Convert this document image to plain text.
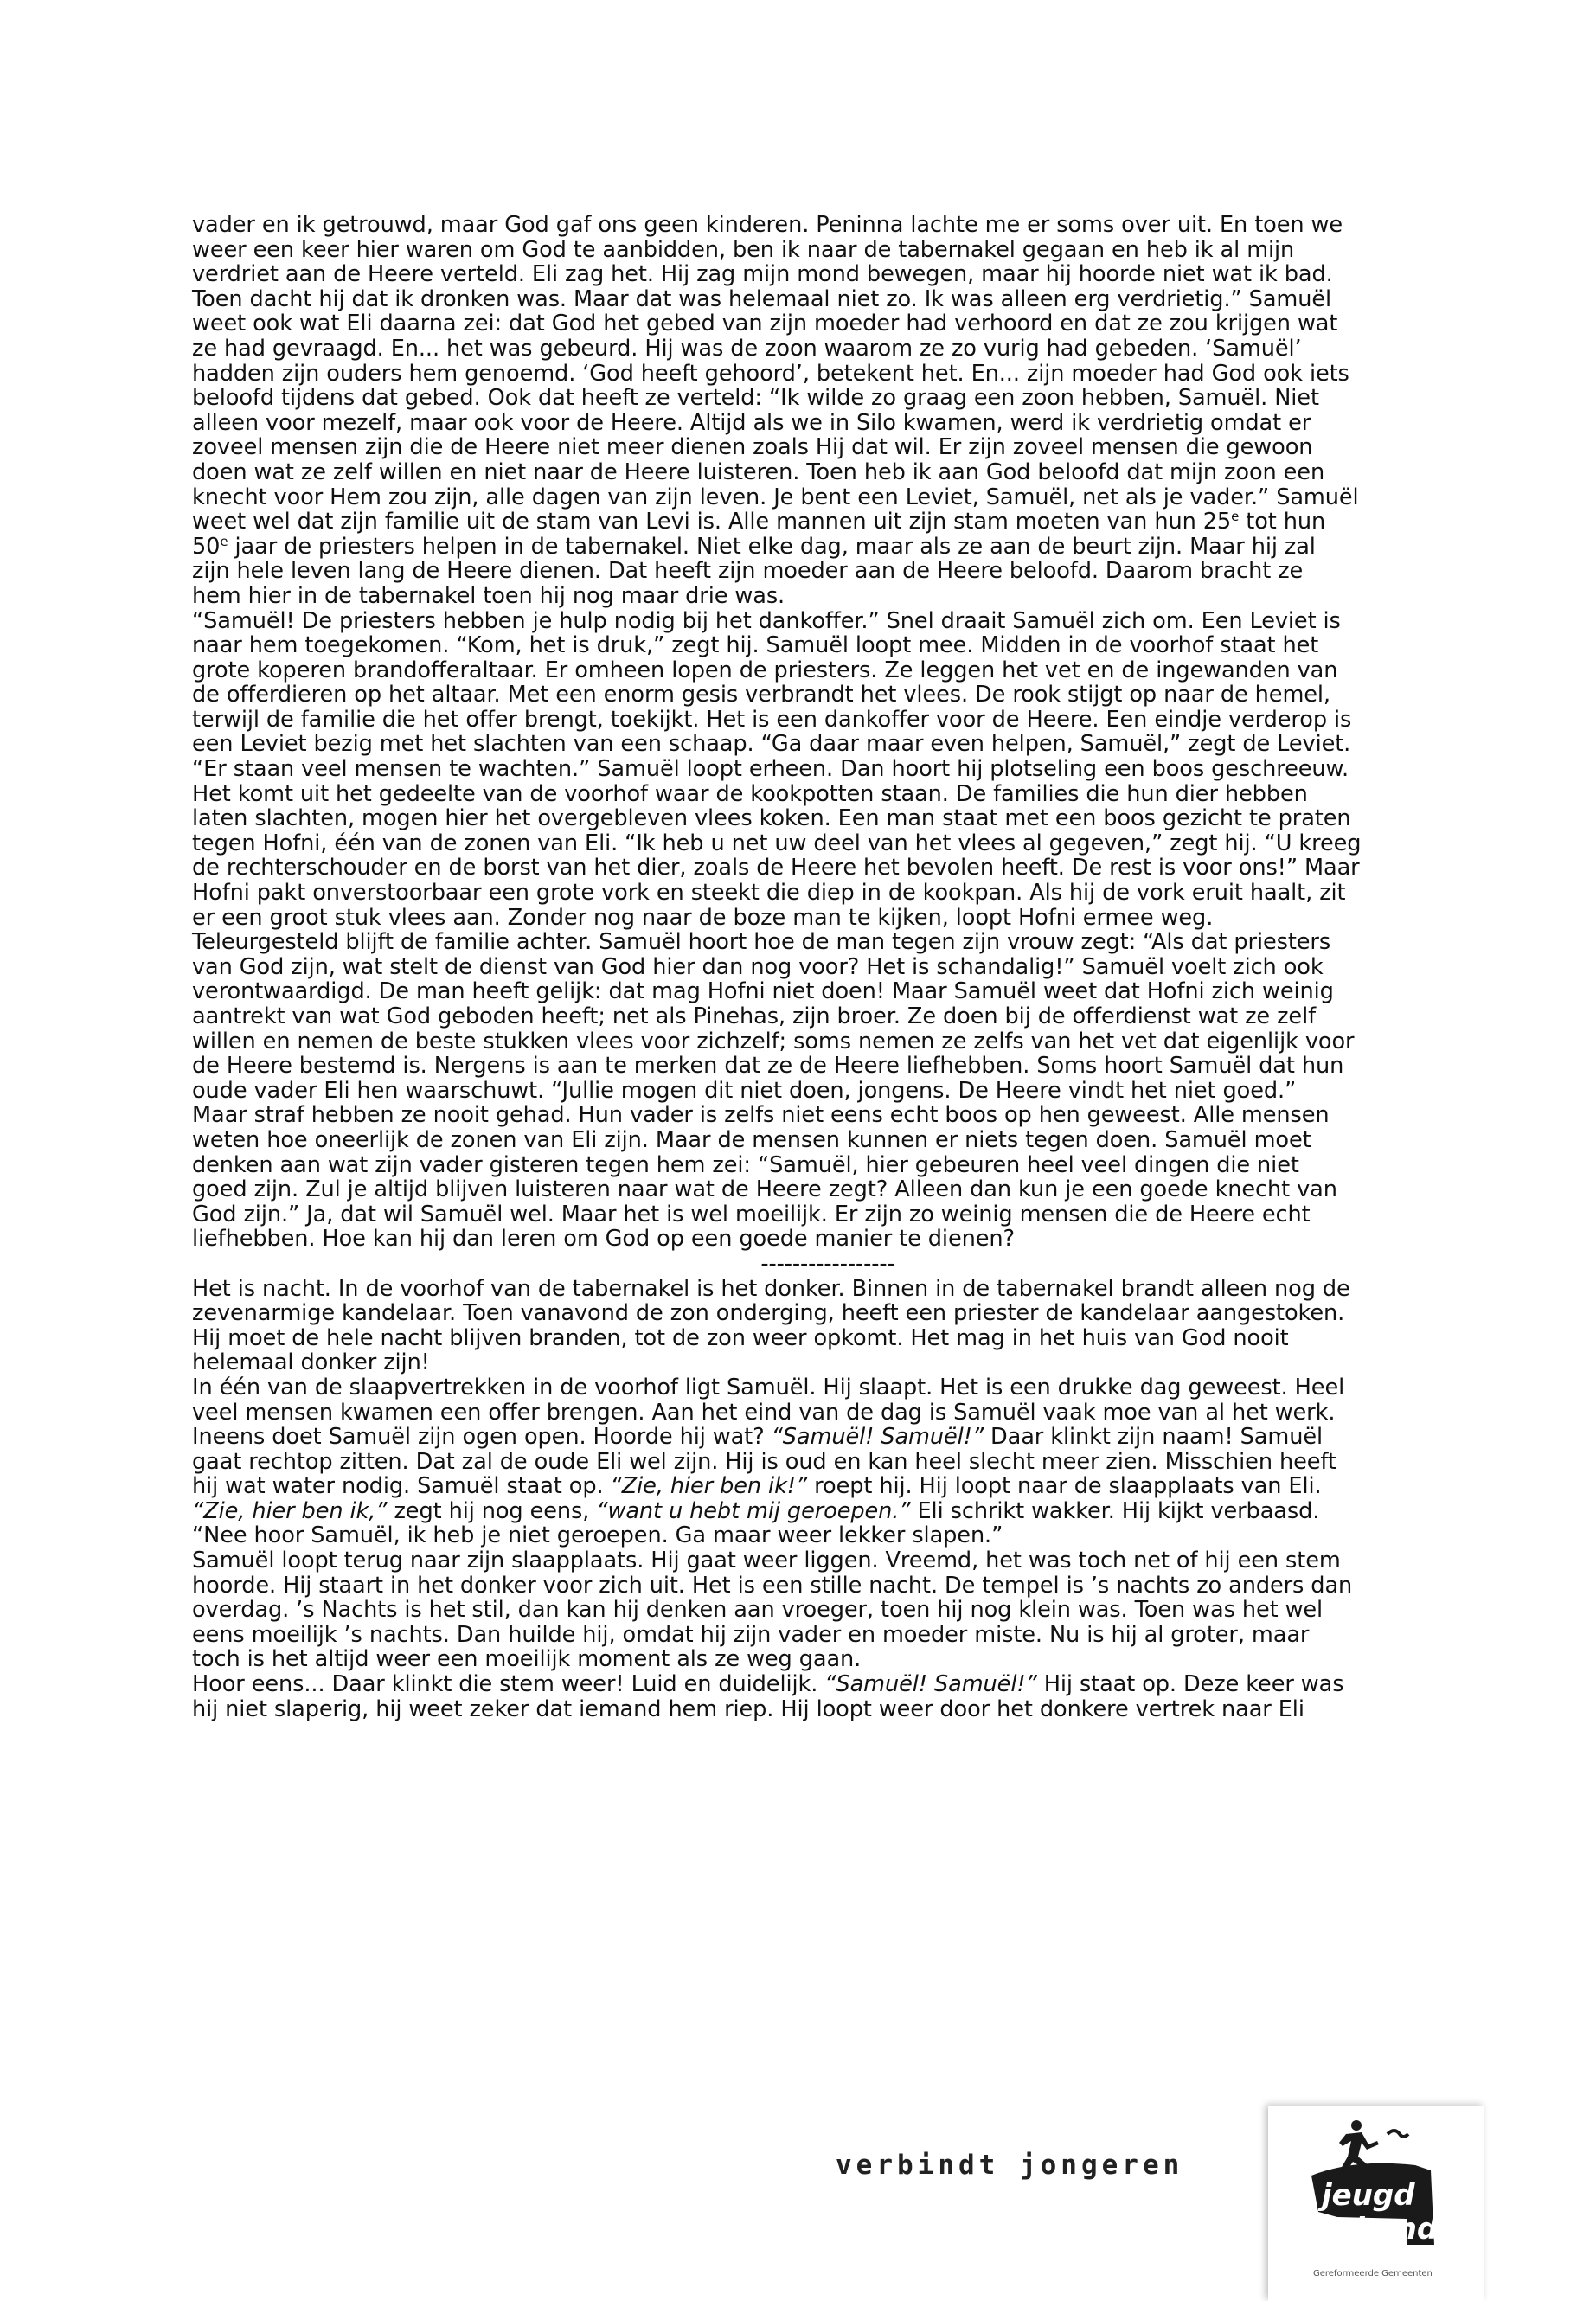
vader en ik getrouwd, maar God gaf ons geen kinderen. Peninna lachte me er soms over uit. En toen we
weer een keer hier waren om God te aanbidden, ben ik naar de tabernakel gegaan en heb ik al mijn
verdriet aan de Heere verteld. Eli zag het. Hij zag mijn mond bewegen, maar hij hoorde niet wat ik bad.
Toen dacht hij dat ik dronken was. Maar dat was helemaal niet zo. Ik was alleen erg verdrietig.” Samuël
weet ook wat Eli daarna zei: dat God het gebed van zijn moeder had verhoord en dat ze zou krijgen wat
ze had gevraagd. En... het was gebeurd. Hij was de zoon waarom ze zo vurig had gebeden. ‘Samuël’
hadden zijn ouders hem genoemd. ‘God heeft gehoord’, betekent het. En... zijn moeder had God ook iets
beloofd tijdens dat gebed. Ook dat heeft ze verteld: “Ik wilde zo graag een zoon hebben, Samuël. Niet
alleen voor mezelf, maar ook voor de Heere. Altijd als we in Silo kwamen, werd ik verdrietig omdat er
zoveel mensen zijn die de Heere niet meer dienen zoals Hij dat wil. Er zijn zoveel mensen die gewoon
doen wat ze zelf willen en niet naar de Heere luisteren. Toen heb ik aan God beloofd dat mijn zoon een
knecht voor Hem zou zijn, alle dagen van zijn leven. Je bent een Leviet, Samuël, net als je vader.” Samuël
weet wel dat zijn familie uit de stam van Levi is. Alle mannen uit zijn stam moeten van hun 25e tot hun
50e jaar de priesters helpen in de tabernakel. Niet elke dag, maar als ze aan de beurt zijn. Maar hij zal
zijn hele leven lang de Heere dienen. Dat heeft zijn moeder aan de Heere beloofd. Daarom bracht ze
hem hier in de tabernakel toen hij nog maar drie was.
“Samuël! De priesters hebben je hulp nodig bij het dankoffer.” Snel draait Samuël zich om. Een Leviet is
naar hem toegekomen. “Kom, het is druk,” zegt hij. Samuël loopt mee. Midden in de voorhof staat het
grote koperen brandofferaltaar. Er omheen lopen de priesters. Ze leggen het vet en de ingewanden van
de offerdieren op het altaar. Met een enorm gesis verbrandt het vlees. De rook stijgt op naar de hemel,
terwijl de familie die het offer brengt, toekijkt. Het is een dankoffer voor de Heere. Een eindje verderop is
een Leviet bezig met het slachten van een schaap. “Ga daar maar even helpen, Samuël,” zegt de Leviet.
“Er staan veel mensen te wachten.” Samuël loopt erheen. Dan hoort hij plotseling een boos geschreeuw.
Het komt uit het gedeelte van de voorhof waar de kookpotten staan. De families die hun dier hebben
laten slachten, mogen hier het overgebleven vlees koken. Een man staat met een boos gezicht te praten
tegen Hofni, één van de zonen van Eli. “Ik heb u net uw deel van het vlees al gegeven,” zegt hij. “U kreeg
de rechterschouder en de borst van het dier, zoals de Heere het bevolen heeft. De rest is voor ons!” Maar
Hofni pakt onverstoorbaar een grote vork en steekt die diep in de kookpan. Als hij de vork eruit haalt, zit
er een groot stuk vlees aan. Zonder nog naar de boze man te kijken, loopt Hofni ermee weg.
Teleurgesteld blijft de familie achter. Samuël hoort hoe de man tegen zijn vrouw zegt: “Als dat priesters
van God zijn, wat stelt de dienst van God hier dan nog voor? Het is schandalig!” Samuël voelt zich ook
verontwaardigd. De man heeft gelijk: dat mag Hofni niet doen! Maar Samuël weet dat Hofni zich weinig
aantrekt van wat God geboden heeft; net als Pinehas, zijn broer. Ze doen bij de offerdienst wat ze zelf
willen en nemen de beste stukken vlees voor zichzelf; soms nemen ze zelfs van het vet dat eigenlijk voor
de Heere bestemd is. Nergens is aan te merken dat ze de Heere liefhebben. Soms hoort Samuël dat hun
oude vader Eli hen waarschuwt. “Jullie mogen dit niet doen, jongens. De Heere vindt het niet goed.”
Maar straf hebben ze nooit gehad. Hun vader is zelfs niet eens echt boos op hen geweest. Alle mensen
weten hoe oneerlijk de zonen van Eli zijn. Maar de mensen kunnen er niets tegen doen. Samuël moet
denken aan wat zijn vader gisteren tegen hem zei: “Samuël, hier gebeuren heel veel dingen die niet
goed zijn. Zul je altijd blijven luisteren naar wat de Heere zegt? Alleen dan kun je een goede knecht van
God zijn.” Ja, dat wil Samuël wel. Maar het is wel moeilijk. Er zijn zo weinig mensen die de Heere echt
liefhebben. Hoe kan hij dan leren om God op een goede manier te dienen?
-----------------
Het is nacht. In de voorhof van de tabernakel is het donker. Binnen in de tabernakel brandt alleen nog de
zevenarmige kandelaar. Toen vanavond de zon onderging, heeft een priester de kandelaar aangestoken.
Hij moet de hele nacht blijven branden, tot de zon weer opkomt. Het mag in het huis van God nooit
helemaal donker zijn!
In één van de slaapvertrekken in de voorhof ligt Samuël. Hij slaapt. Het is een drukke dag geweest. Heel
veel mensen kwamen een offer brengen. Aan het eind van de dag is Samuël vaak moe van al het werk.
Ineens doet Samuël zijn ogen open. Hoorde hij wat? “Samuël! Samuël!” Daar klinkt zijn naam! Samuël
gaat rechtop zitten. Dat zal de oude Eli wel zijn. Hij is oud en kan heel slecht meer zien. Misschien heeft
hij wat water nodig. Samuël staat op. “Zie, hier ben ik!” roept hij. Hij loopt naar de slaapplaats van Eli.
“Zie, hier ben ik,” zegt hij nog eens, “want u hebt mij geroepen.” Eli schrikt wakker. Hij kijkt verbaasd.
“Nee hoor Samuël, ik heb je niet geroepen. Ga maar weer lekker slapen.”
Samuël loopt terug naar zijn slaapplaats. Hij gaat weer liggen. Vreemd, het was toch net of hij een stem
hoorde. Hij staart in het donker voor zich uit. Het is een stille nacht. De tempel is ’s nachts zo anders dan
overdag. ’s Nachts is het stil, dan kan hij denken aan vroeger, toen hij nog klein was. Toen was het wel
eens moeilijk ’s nachts. Dan huilde hij, omdat hij zijn vader en moeder miste. Nu is hij al groter, maar
toch is het altijd weer een moeilijk moment als ze weg gaan.
Hoor eens... Daar klinkt die stem weer! Luid en duidelijk. “Samuël! Samuël!” Hij staat op. Deze keer was
hij niet slaperig, hij weet zeker dat iemand hem riep. Hij loopt weer door het donkere vertrek naar Eli
verbindt jongeren
jeugd
bond
Gereformeerde Gemeenten
